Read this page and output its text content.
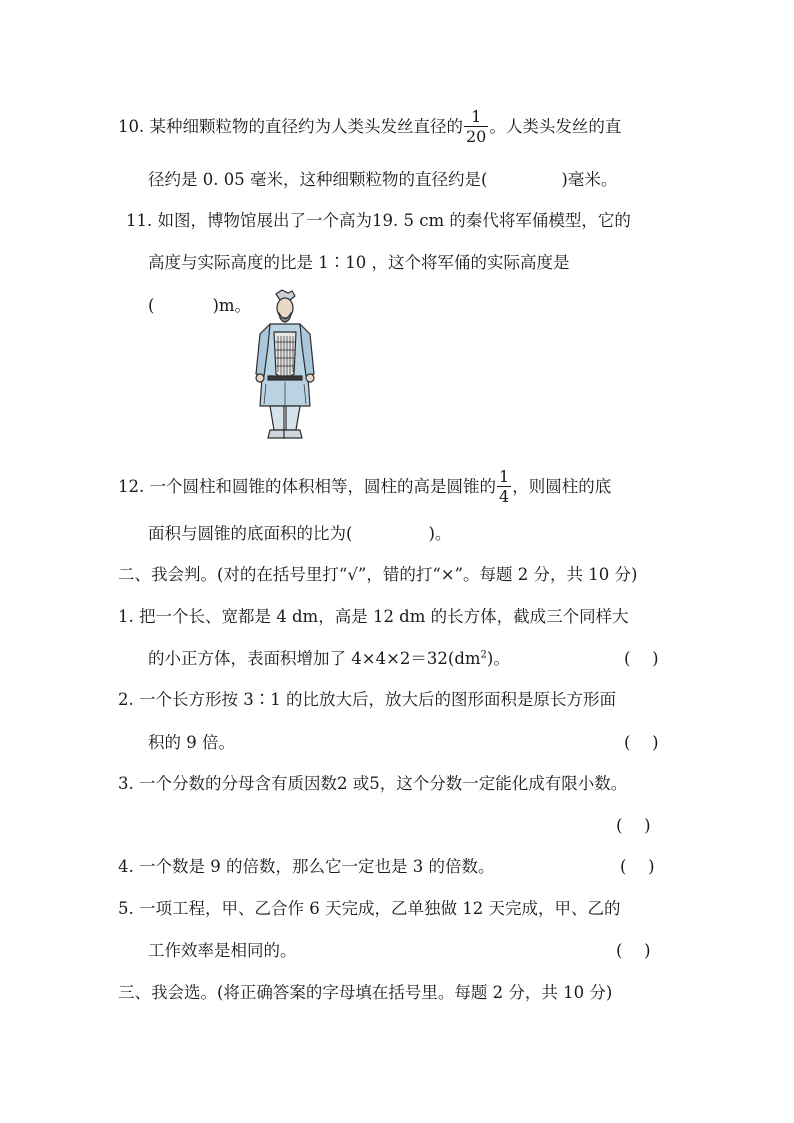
10. 某种细颗粒物的直径约为人类头发丝直径的 $\frac{1}{20}$ 。人类头发丝的直
径约是 0. 05 毫米，这种细颗粒物的直径约是(	)毫米。
11. 如图，博物馆展出了一个高为19. 5 cm 的秦代将军俑模型，它的
高度与实际高度的比是 1∶10 ，这个将军俑的实际高度是
(	)m。
12. 一个圆柱和圆锥的体积相等，圆柱的高是圆锥的 $\frac{1}{4}$ ，则圆柱的底
面积与圆锥的底面积的比为(	)。
二、我会判。(对的在括号里打“√”，错的打“×”。每题 2 分，共 10 分)
1. 把一个长、宽都是 4 dm，高是 12 dm 的长方体，截成三个同样大
的小正方体，表面积增加了 $4\times 4\times 2=32(dm^2)$。	(　 )
2. 一个长方形按 3∶1 的比放大后，放大后的图形面积是原长方形面
积的 9 倍。	(　 )
3. 一个分数的分母含有质因数2 或5，这个分数一定能化成有限小数。
(　 )
4. 一个数是 9 的倍数，那么它一定也是 3 的倍数。	(　 )
5. 一项工程，甲、乙合作 6 天完成，乙单独做 12 天完成，甲、乙的
工作效率是相同的。	(　 )
三、我会选。(将正确答案的字母填在括号里。每题 2 分，共 10 分)
